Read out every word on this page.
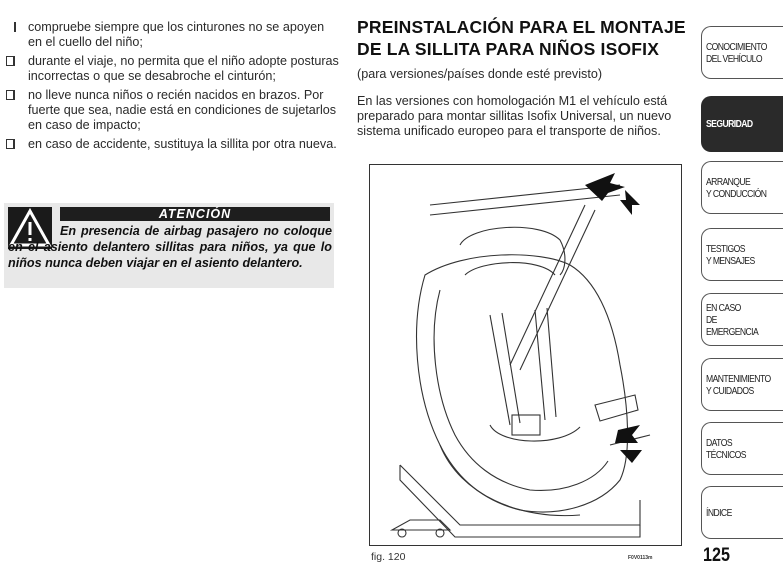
compruebe siempre que los cinturones no se apoyen en el cuello del niño;
durante el viaje, no permita que el niño adopte posturas incorrectas o que se desabroche el cinturón;
no lleve nunca niños o recién nacidos en brazos. Por fuerte que sea, nadie está en condiciones de sujetarlos en caso de impacto;
en caso de accidente, sustituya la sillita por otra nueva.
ATENCIÓN
En presencia de airbag pasajero no coloque en el asiento delantero sillitas para niños, ya que lo niños nunca deben viajar en el asiento delantero.
PREINSTALACIÓN PARA EL MONTAJE DE LA SILLITA PARA NIÑOS ISOFIX
(para versiones/países donde esté previsto)
En las versiones con homologación M1 el vehículo está preparado para montar sillitas Isofix Universal, un nuevo sistema unificado europeo para el transporte de niños.
fig. 120	F0V0113m
CONOCIMIENTO
DEL VEHÍCULO
SEGURIDAD
ARRANQUE
Y CONDUCCIÓN
TESTIGOS
Y MENSAJES
EN CASO
DE EMERGENCIA
MANTENIMIENTO
Y CUIDADOS
DATOS TÉCNICOS
ÍNDICE
125
